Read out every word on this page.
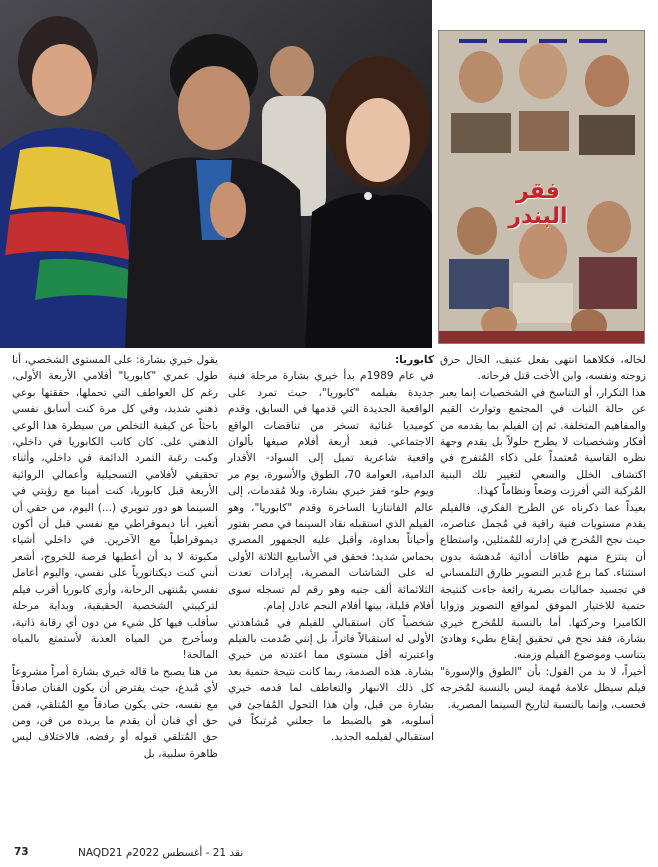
فقر البندر

لخاله، فكلاهما انتهى بفعل عنيف، الخال حرق زوجته ونفسه، وابن الأخت قتل فرحاته.

هذا التكرار، أو التناسخ في الشخصيات إنما يعبر عن حالة الثبات في المجتمع وتوارث القيم والمفاهيم المتخلفة. ثم إن الفيلم بما يقدمه من أفكار وشخصيات لا يطرح حلولاً بل يقدم وجهة نظره القاسية مُعتمداً على ذكاء المُتفرج في اكتشاف الخلل والسعي لتغيير تلك البنية المُركبة التي أفرزت وضعاً ونظاماً كهذا.

بعيداً عما ذكرناه عن الطرح الفكري، فالفيلم يقدم مستويات فنية راقية في مُجمل عناصره، حيث نجح المُخرج في إدارته للمُمثلين، واستطاع أن ينتزع منهم طاقات أدائية مُدهشة بدون استثناء. كما برع مُدير التصوير طارق التلمساني في تجسيد جماليات بصرية رائعة جاءت كنتيجة حتمية للاختيار الموفق لمواقع التصوير وزوايا الكاميرا وحركتها. أما بالنسبة للمُخرج خيري بشارة، فقد نجح في تحقيق إيقاع بطيء وهادئ يتناسب وموضوع الفيلم وزمنه.

أخيراً، لا بد من القول: بأن "الطوق والإسورة" فيلم سيظل علامة مُهمة ليس بالنسبة لمُخرجه فحسب، وإنما بالنسبة لتاريخ السينما المصرية.

كابوريا:

في عام 1989م بدأ خيري بشارة مرحلة فنية جديدة بفيلمه "كابوريا"، حيث تمرد على الواقعية الجديدة التي قدمها في السابق، وقدم كوميديا غنائية تسخر من تناقضات الواقع الاجتماعي. فبعد أربعة أفلام صبغها بألوان واقعية شاعرية تميل إلى السواد- الأقدار الدامية، العوامة 70، الطوق والأسورة، يوم مر ويوم حلو- قفز خيري بشارة، وبلا مُقدمات، إلى عالم الفانتازيا الساخرة وقدم "كابوريا"، وهو الفيلم الذي استقبله نقاد السينما في مصر بفتور وأحياناً بعداوة، وأقبل عليه الجمهور المصري بحماس شديد؛ فحقق في الأسابيع الثلاثة الأولى له على الشاشات المصرية، إيرادات تعدت الثلاثمائة ألف جنيه وهو رقم لم تسجله سوى أفلام قليلة، بينها أفلام النجم عادل إمام.

شخصياً كان استقبالي للفيلم في مُشاهدتي الأولى له استقبالاً فاتراً، بل إنني صُدمت بالفيلم واعتبرته أقل مستوى مما اعتدته من خيري بشارة. هذه الصدمة، ربما كانت نتيجة حتمية بعد كل ذلك الانبهار والتعاطف لما قدمه خيري بشارة من قبل، وأن هذا التحول المُفاجئ في أسلوبه، هو بالضبط ما جعلني مُرتبكاً في استقبالي لفيلمه الجديد.

يقول خيري بشارة: على المستوى الشخصي، أنا طول عمري "كابوريا" أفلامي الأربعة الأولى، رغم كل العواطف التي تحملها، حققتها بوعي ذهني شديد، وفي كل مرة كنت أسابق نفسي باحثاً عن كيفية التخلص من سيطرة هذا الوعي الذهني على. كان كاتب الكابوريا في داخلي، وكبت رغبة التمرد الدائمة في داخلي، وأثناء تحقيقي لأفلامي التسجيلية وأعمالي الروائية الأربعة قبل كابوريا، كنت أمينا مع رؤيتي في السينما هو دور تنويري (...) اليوم، من حقي أن أتغير، أنا ديموقراطي مع نفسي قبل أن أكون ديموقراطياً مع الآخرين. في داخلي أشياء مكبوتة لا بد أن أعطيها فرصة للخروج، أشعر أنني كنت ديكتاتورياً على نفسي، واليوم أعامل نفسي بمُنتهى الرحابة، وأرى كابوريا أقرب فيلم لتركيبتي الشخصية الحقيقية، وبداية مرحلة سأقلب فيها كل شيء من دون أي رقابة ذاتية، وسأخرج من المياه العذبة لأستمتع بالمياه المالحة!

من هنا يصبح ما قاله خيري بشارة أمراً مشروعاً لأي مُبدع، حيث يفترض أن يكون الفنان صادقاً مع نفسه، حتى يكون صادقاً مع المُتلقي، فمن حق أي فنان أن يقدم ما يريده من فن، ومن حق المُتلقي قبوله أو رفضه، فالاختلاف ليس ظاهرة سلبية، بل

73	نقد 21 - أغسطس 2022م NAQD21
